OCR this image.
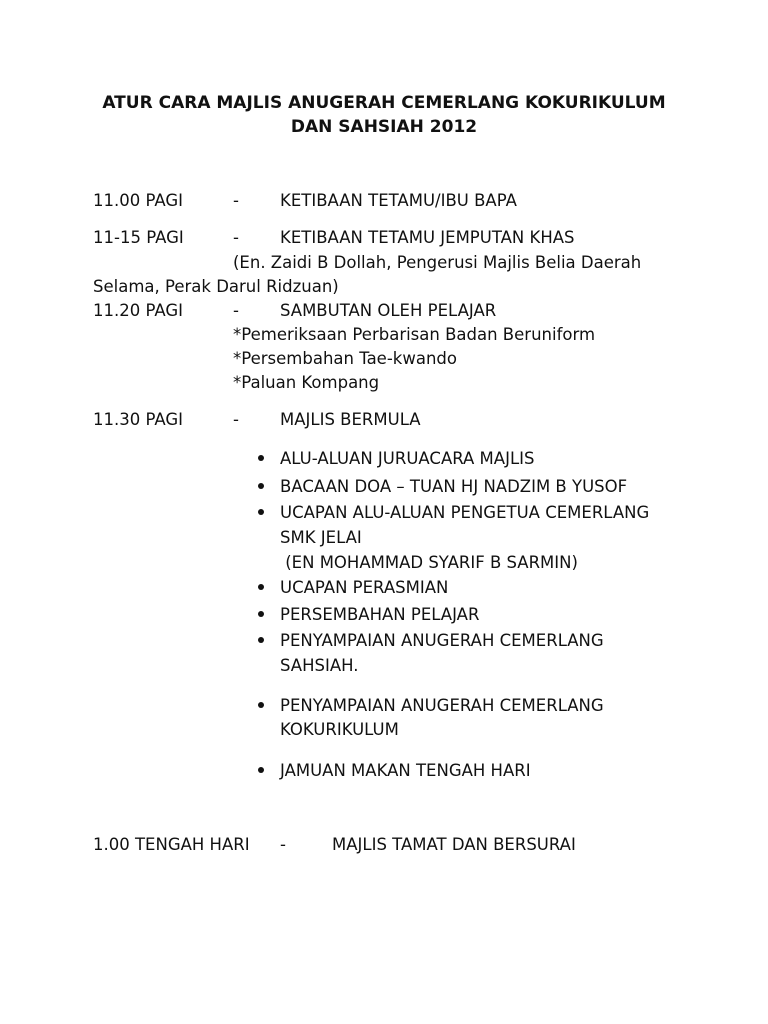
ATUR CARA MAJLIS ANUGERAH CEMERLANG KOKURIKULUM
DAN SAHSIAH 2012
11.00 PAGI	- KETIBAAN TETAMU/IBU BAPA
11-15 PAGI	- KETIBAAN TETAMU JEMPUTAN KHAS
(En. Zaidi B Dollah, Pengerusi Majlis Belia Daerah
Selama, Perak Darul Ridzuan)
11.20 PAGI	- SAMBUTAN OLEH PELAJAR
*Pemeriksaan Perbarisan Badan Beruniform
*Persembahan Tae-kwando
*Paluan Kompang
11.30 PAGI	- MAJLIS BERMULA
ALU-ALUAN JURUACARA MAJLIS
BACAAN DOA – TUAN HJ NADZIM B YUSOF
UCAPAN ALU-ALUAN PENGETUA CEMERLANG
SMK JELAI
(EN MOHAMMAD SYARIF B SARMIN)
UCAPAN PERASMIAN
PERSEMBAHAN PELAJAR
PENYAMPAIAN ANUGERAH CEMERLANG
SAHSIAH.
PENYAMPAIAN ANUGERAH CEMERLANG
KOKURIKULUM
JAMUAN MAKAN TENGAH HARI
1.00 TENGAH HARI -	MAJLIS TAMAT DAN BERSURAI
